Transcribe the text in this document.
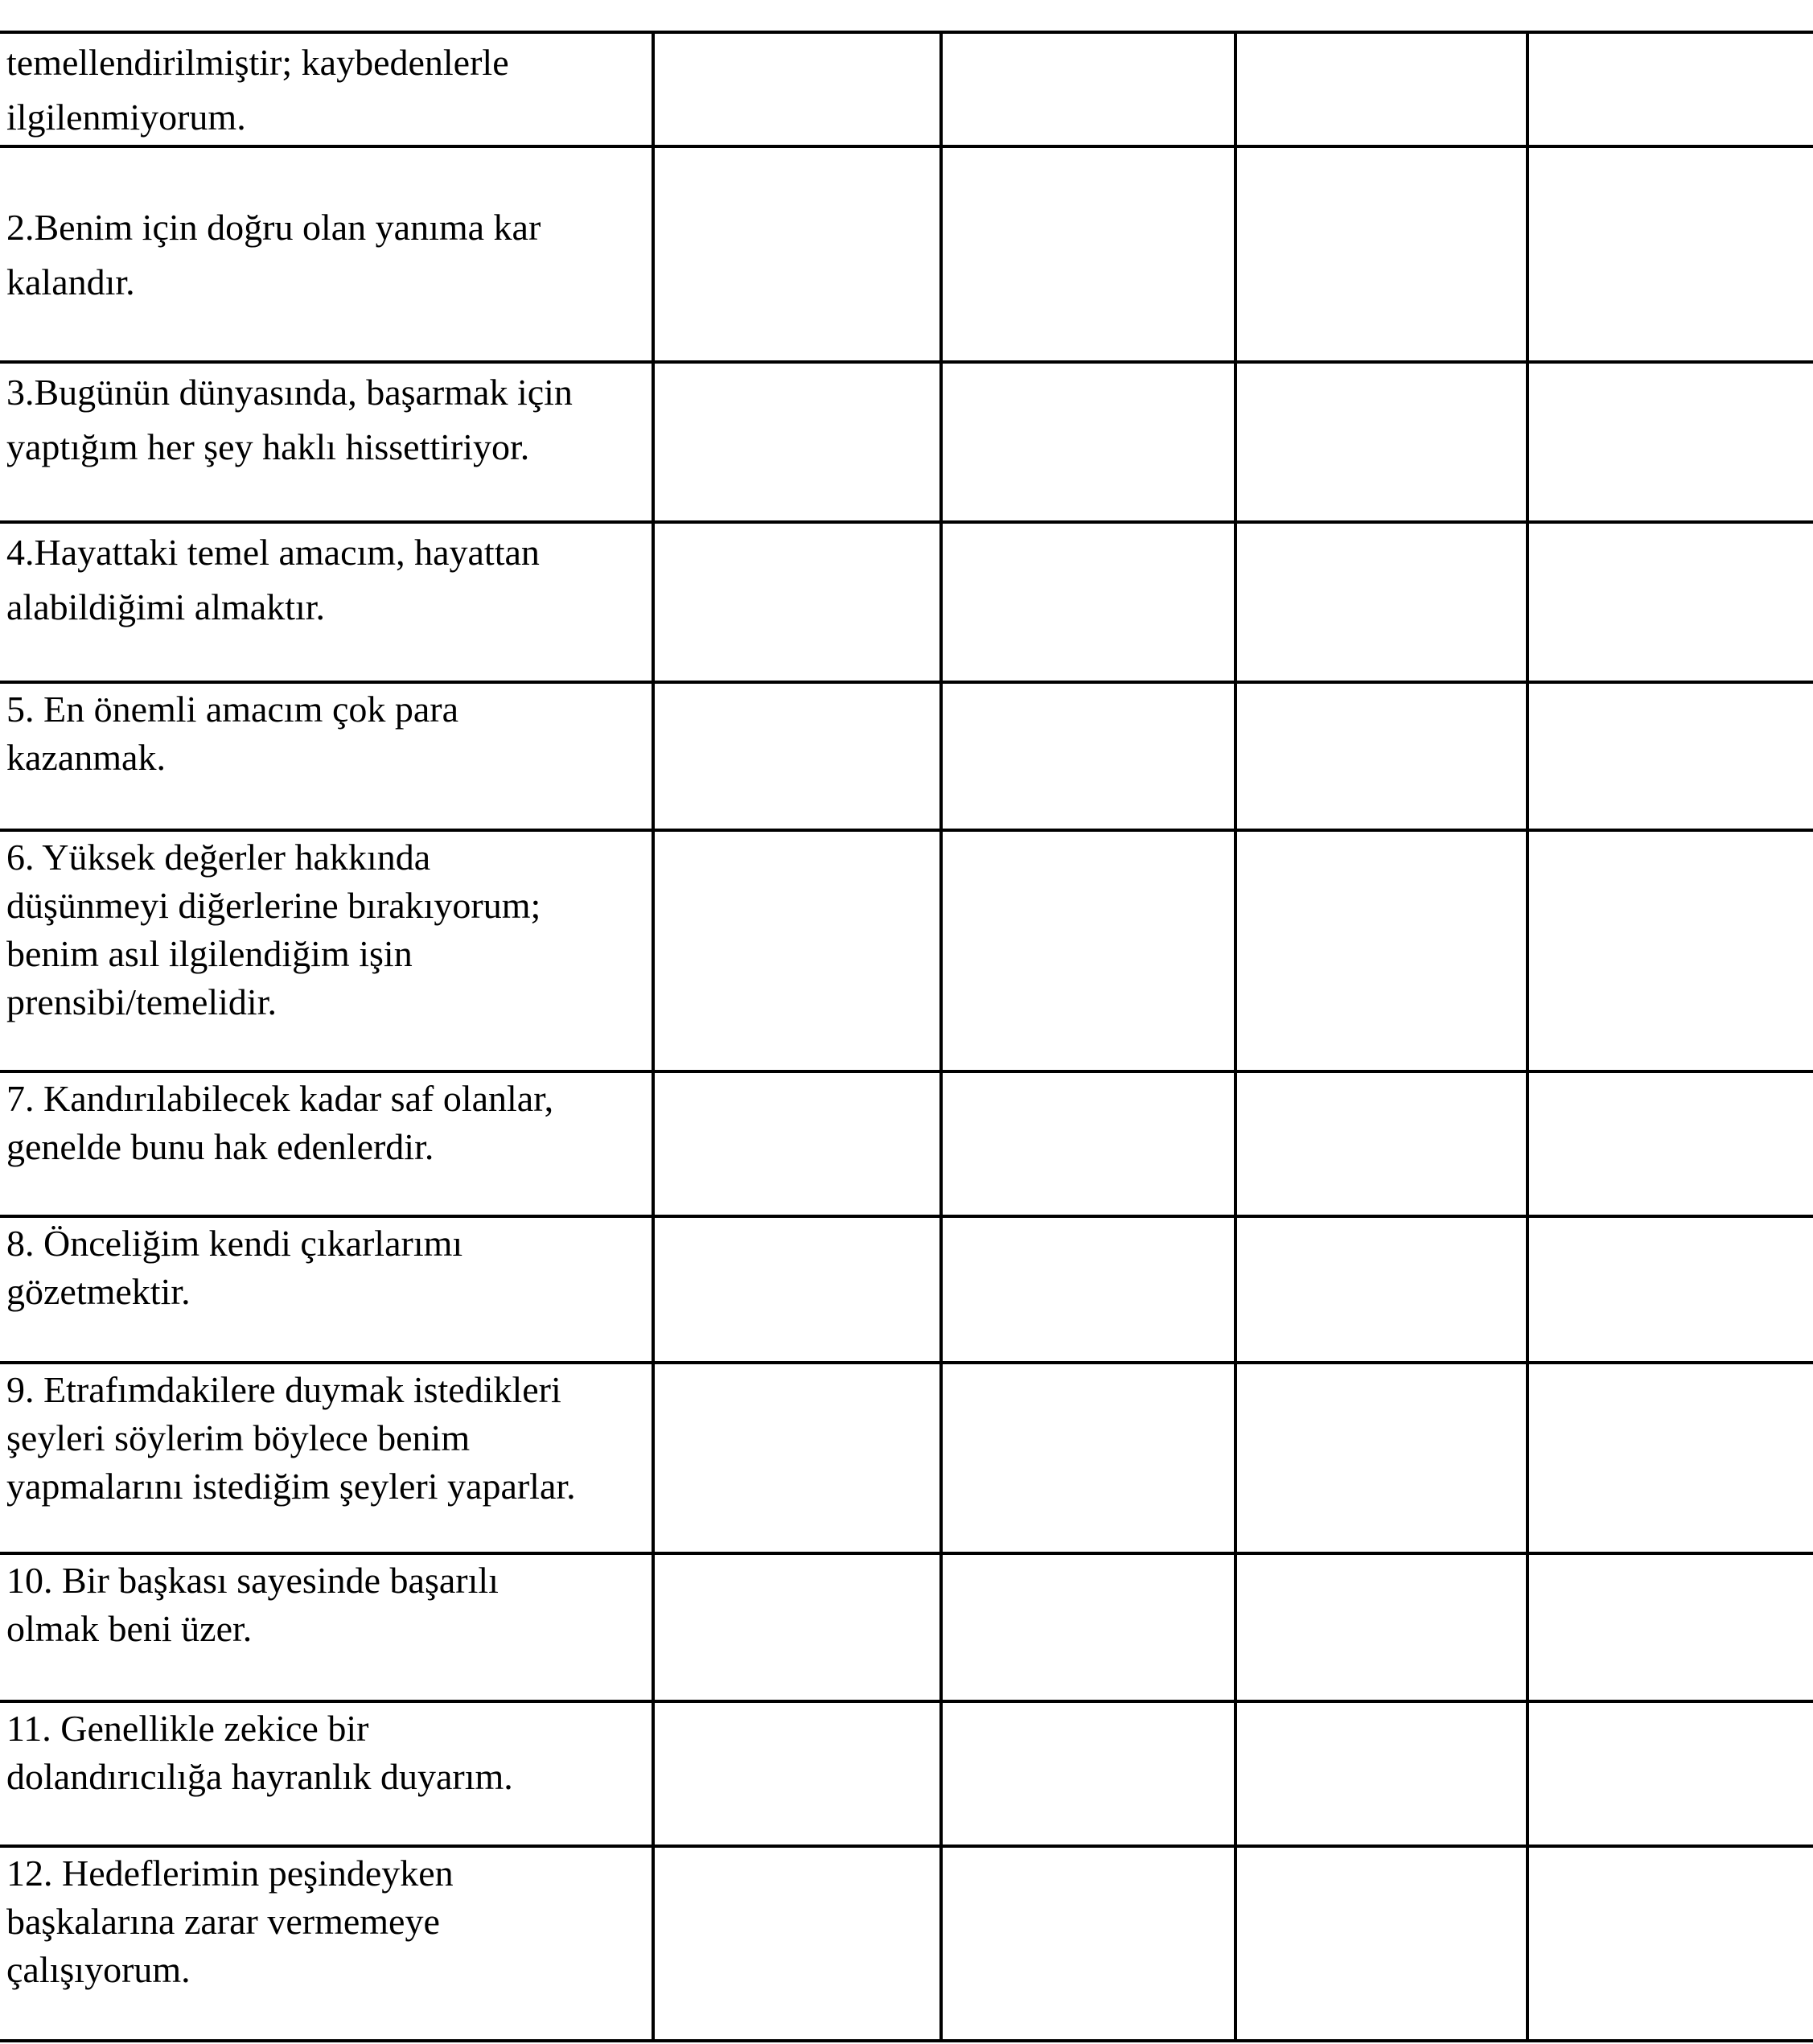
temellendirilmiştir; kaybedenlerle
ilgilenmiyorum.				

2.Benim için doğru olan yanıma kar
kalandır.				

3.Bugünün dünyasında, başarmak için
yaptığım her şey haklı hissettiriyor.				

4.Hayattaki temel amacım, hayattan
alabildiğimi almaktır.				

5. En önemli amacım çok para
kazanmak.				

6. Yüksek değerler hakkında
düşünmeyi diğerlerine bırakıyorum;
benim asıl ilgilendiğim işin
prensibi/temelidir.				

7. Kandırılabilecek kadar saf olanlar,
genelde bunu hak edenlerdir.				

8. Önceliğim kendi çıkarlarımı
gözetmektir.				

9. Etrafımdakilere duymak istedikleri
şeyleri söylerim böylece benim
yapmalarını istediğim şeyleri yaparlar.				

10. Bir başkası sayesinde başarılı
olmak beni üzer.				

11. Genellikle zekice bir
dolandırıcılığa hayranlık duyarım.				

12. Hedeflerimin peşindeyken
başkalarına zarar vermemeye
çalışıyorum.				
